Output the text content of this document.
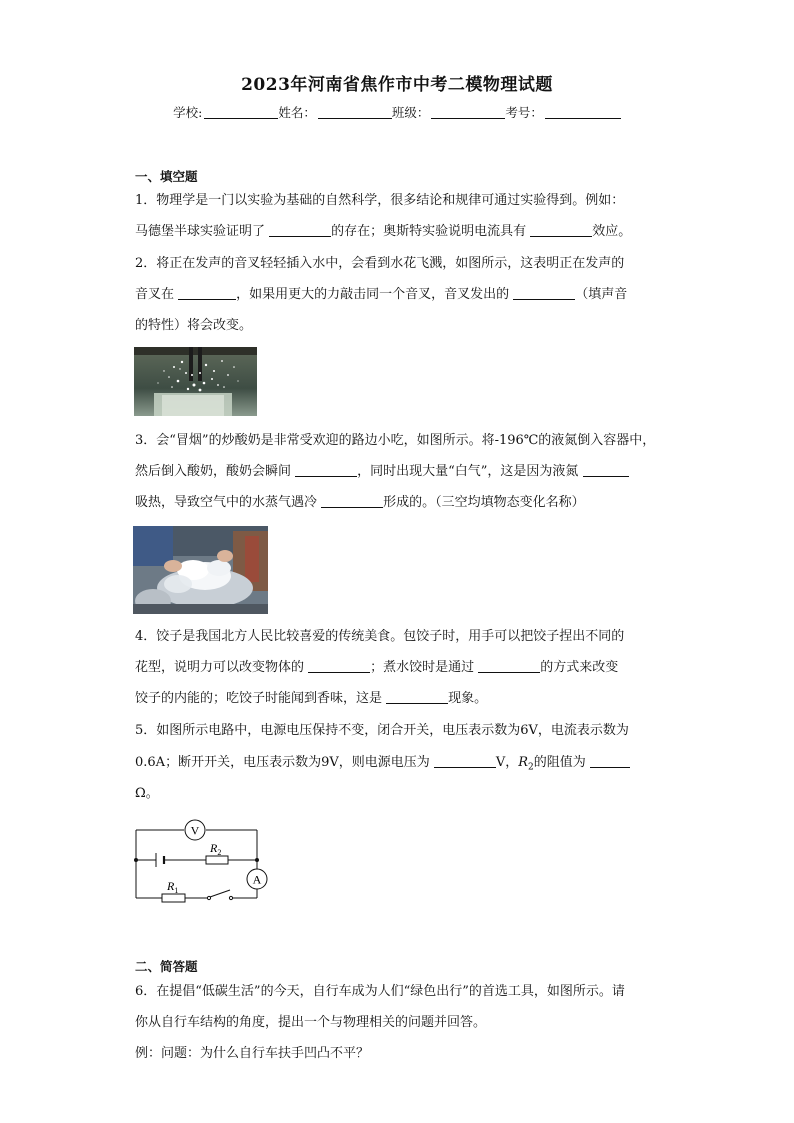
2023年河南省焦作市中考二模物理试题
学校:	姓名：	班级：	考号：
一、填空题
1．物理学是一门以实验为基础的自然科学，很多结论和规律可通过实验得到。例如：
马德堡半球实验证明了	的存在；奥斯特实验说明电流具有	效应。
2．将正在发声的音叉轻轻插入水中，会看到水花飞溅，如图所示，这表明正在发声的
音叉在	，如果用更大的力敲击同一个音叉，音叉发出的	（填声音
的特性）将会改变。
3．会“冒烟”的炒酸奶是非常受欢迎的路边小吃，如图所示。将-196℃的液氮倒入容器中，
然后倒入酸奶，酸奶会瞬间	，同时出现大量“白气”，这是因为液氮
吸热，导致空气中的水蒸气遇冷	形成的。（三空均填物态变化名称）
4．饺子是我国北方人民比较喜爱的传统美食。包饺子时，用手可以把饺子捏出不同的
花型，说明力可以改变物体的	；煮水饺时是通过	的方式来改变
饺子的内能的；吃饺子时能闻到香味，这是	现象。
5．如图所示电路中，电源电压保持不变，闭合开关，电压表示数为6V，电流表示数为
0.6A；断开开关，电压表示数为9V，则电源电压为	V，$R_2$的阻值为
Ω。
V
$R_2$
A
$R_1$
二、简答题
6．在提倡“低碳生活”的今天，自行车成为人们“绿色出行”的首选工具，如图所示。请
你从自行车结构的角度，提出一个与物理相关的问题并回答。
例：问题：为什么自行车扶手凹凸不平？
